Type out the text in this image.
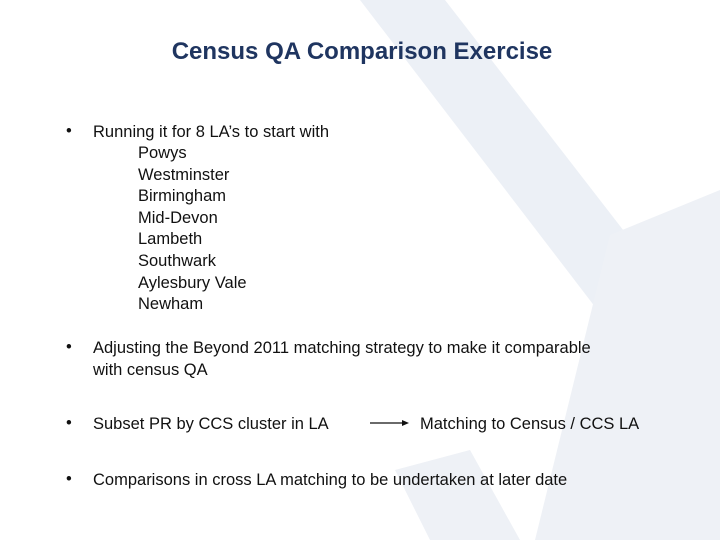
Census QA Comparison Exercise
• Running it for 8 LA’s to start with
Powys
Westminster
Birmingham
Mid-Devon
Lambeth
Southwark
Aylesbury Vale
Newham
• Adjusting the Beyond 2011 matching strategy to make it comparable
with census QA
• Subset PR by CCS cluster in LA	Matching to Census / CCS LA
• Comparisons in cross LA matching to be undertaken at later date
